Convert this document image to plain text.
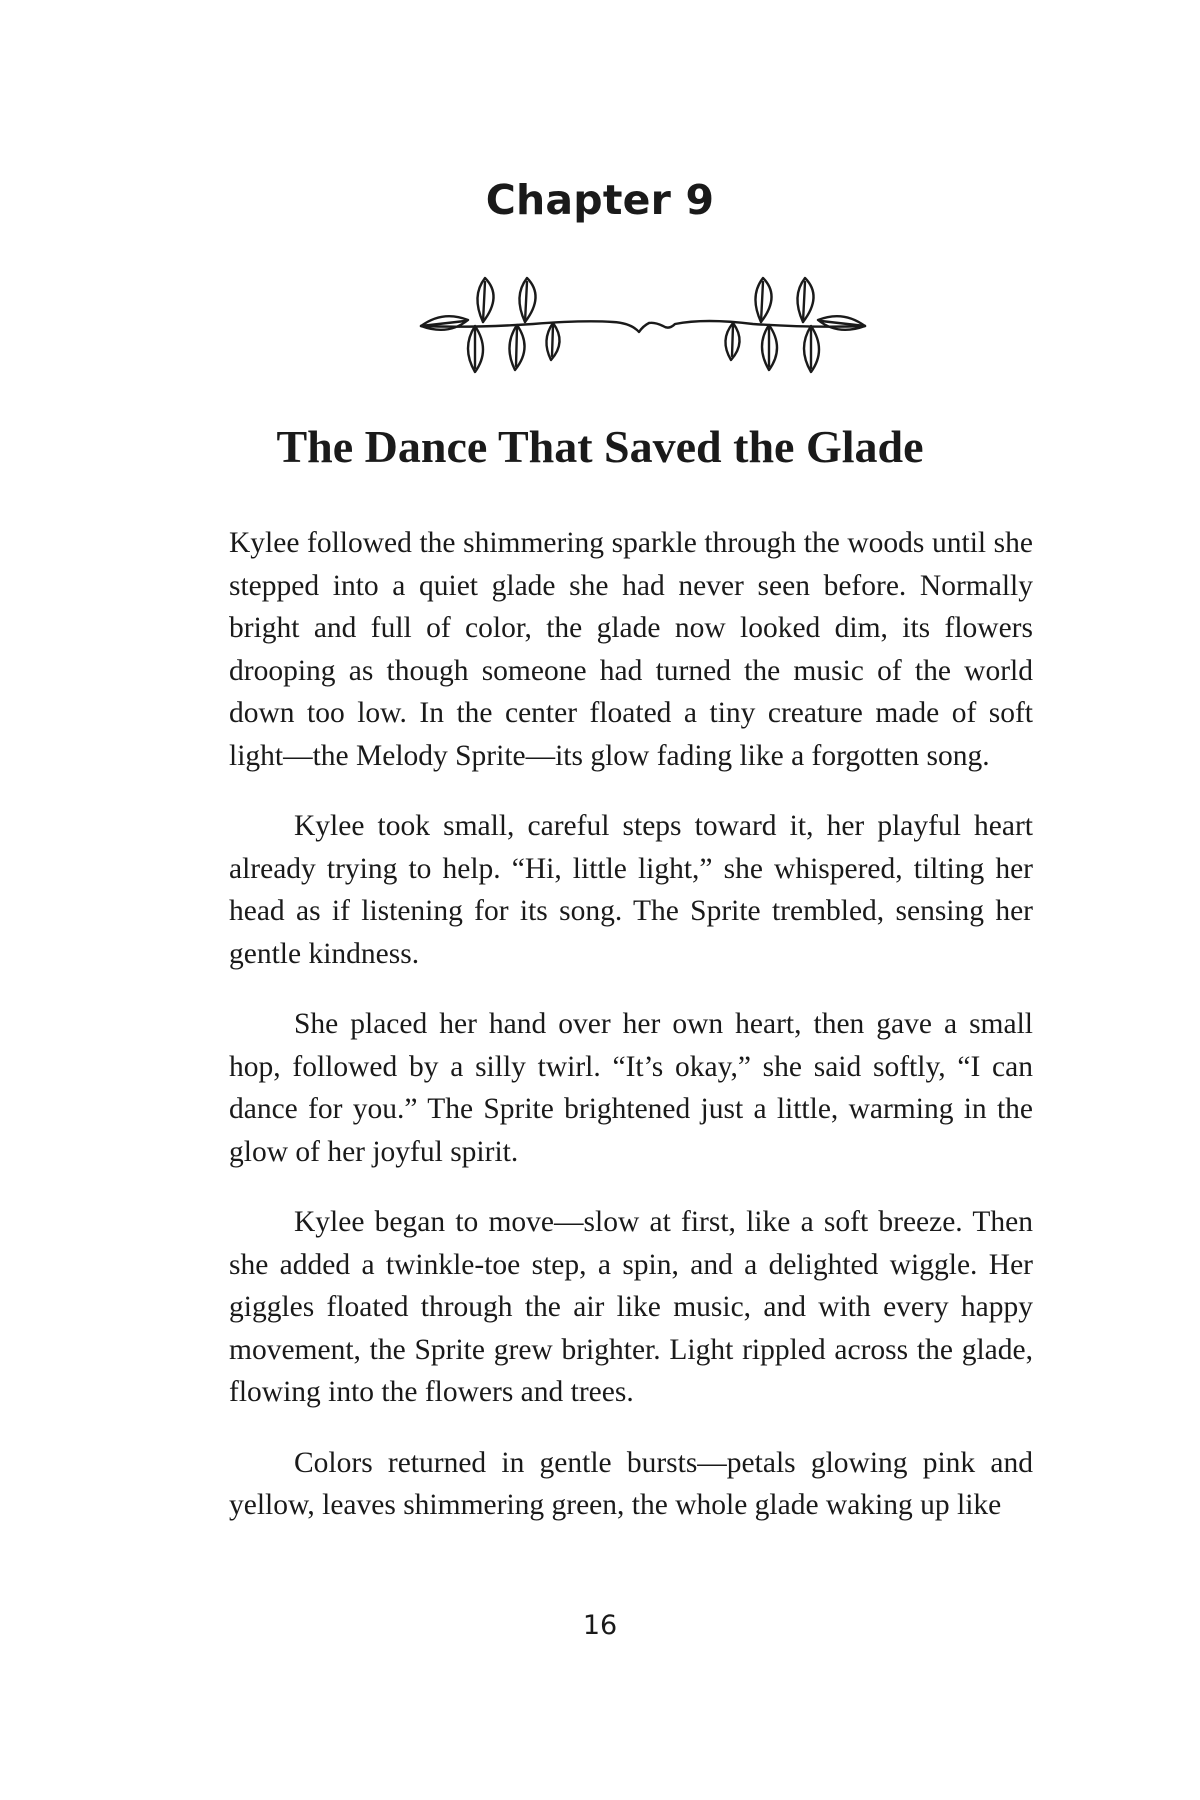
Chapter 9
The Dance That Saved the Glade

Kylee followed the shimmering sparkle through the woods until she stepped into a quiet glade she had never seen before. Normally bright and full of color, the glade now looked dim, its flowers drooping as though someone had turned the music of the world down too low. In the center floated a tiny creature made of soft light—the Melody Sprite—its glow fading like a forgotten song.

Kylee took small, careful steps toward it, her playful heart already trying to help. “Hi, little light,” she whispered, tilting her head as if listening for its song. The Sprite trembled, sensing her gentle kindness.

She placed her hand over her own heart, then gave a small hop, followed by a silly twirl. “It’s okay,” she said softly, “I can dance for you.” The Sprite brightened just a little, warming in the glow of her joyful spirit.

Kylee began to move—slow at first, like a soft breeze. Then she added a twinkle-toe step, a spin, and a delighted wiggle. Her giggles floated through the air like music, and with every happy movement, the Sprite grew brighter. Light rippled across the glade, flowing into the flowers and trees.

Colors returned in gentle bursts—petals glowing pink and yellow, leaves shimmering green, the whole glade waking up like

16
